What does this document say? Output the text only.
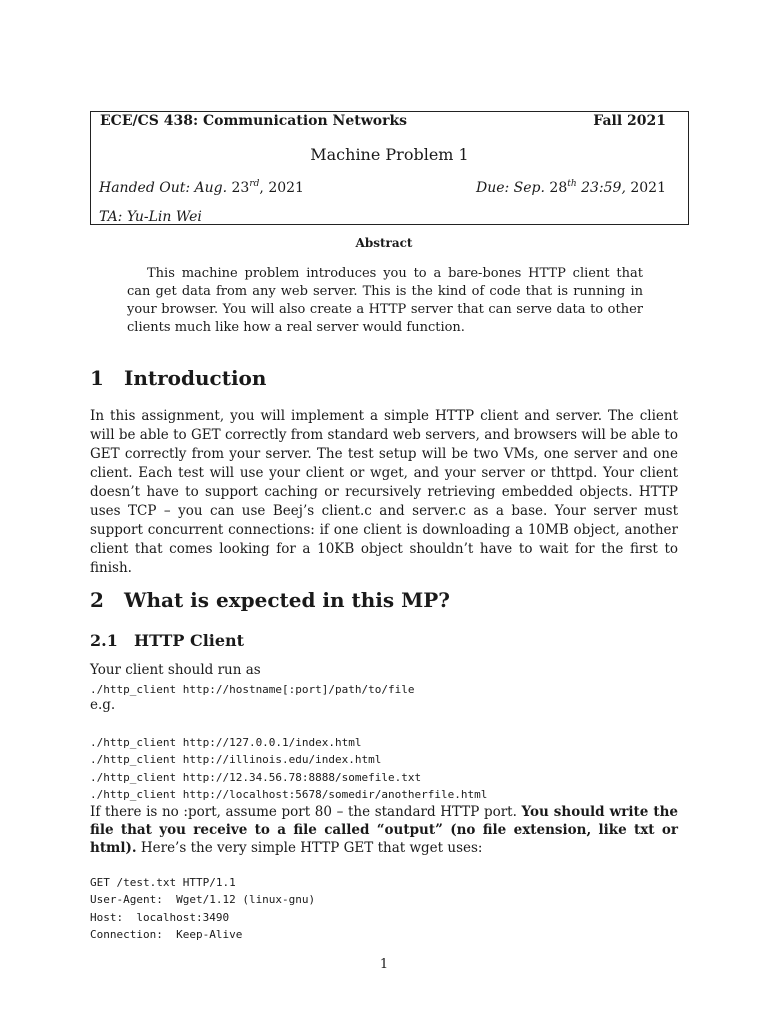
ECE/CS 438: Communication Networks	Fall 2021
Machine Problem 1
Handed Out: Aug. 23rd, 2021	Due: Sep. 28th 23:59, 2021
TA: Yu-Lin Wei
Abstract
This machine problem introduces you to a bare-bones HTTP client that can get data from any web server. This is the kind of code that is running in your browser. You will also create a HTTP server that can serve data to other clients much like how a real server would function.
1 Introduction
In this assignment, you will implement a simple HTTP client and server. The client will be able to GET correctly from standard web servers, and browsers will be able to GET correctly from your server. The test setup will be two VMs, one server and one client. Each test will use your client or wget, and your server or thttpd. Your client doesn’t have to support caching or recursively retrieving embedded objects. HTTP uses TCP – you can use Beej’s client.c and server.c as a base. Your server must support concurrent connections: if one client is downloading a 10MB object, another client that comes looking for a 10KB object shouldn’t have to wait for the first to finish.
2 What is expected in this MP?
2.1 HTTP Client
Your client should run as
./http_client http://hostname[:port]/path/to/file
e.g.

./http_client http://127.0.0.1/index.html
./http_client http://illinois.edu/index.html
./http_client http://12.34.56.78:8888/somefile.txt
./http_client http://localhost:5678/somedir/anotherfile.html
If there is no :port, assume port 80 – the standard HTTP port. You should write the file that you receive to a file called “output” (no file extension, like txt or html). Here’s the very simple HTTP GET that wget uses:

GET /test.txt HTTP/1.1
User-Agent:  Wget/1.12 (linux-gnu)
Host:  localhost:3490
Connection:  Keep-Alive
1
